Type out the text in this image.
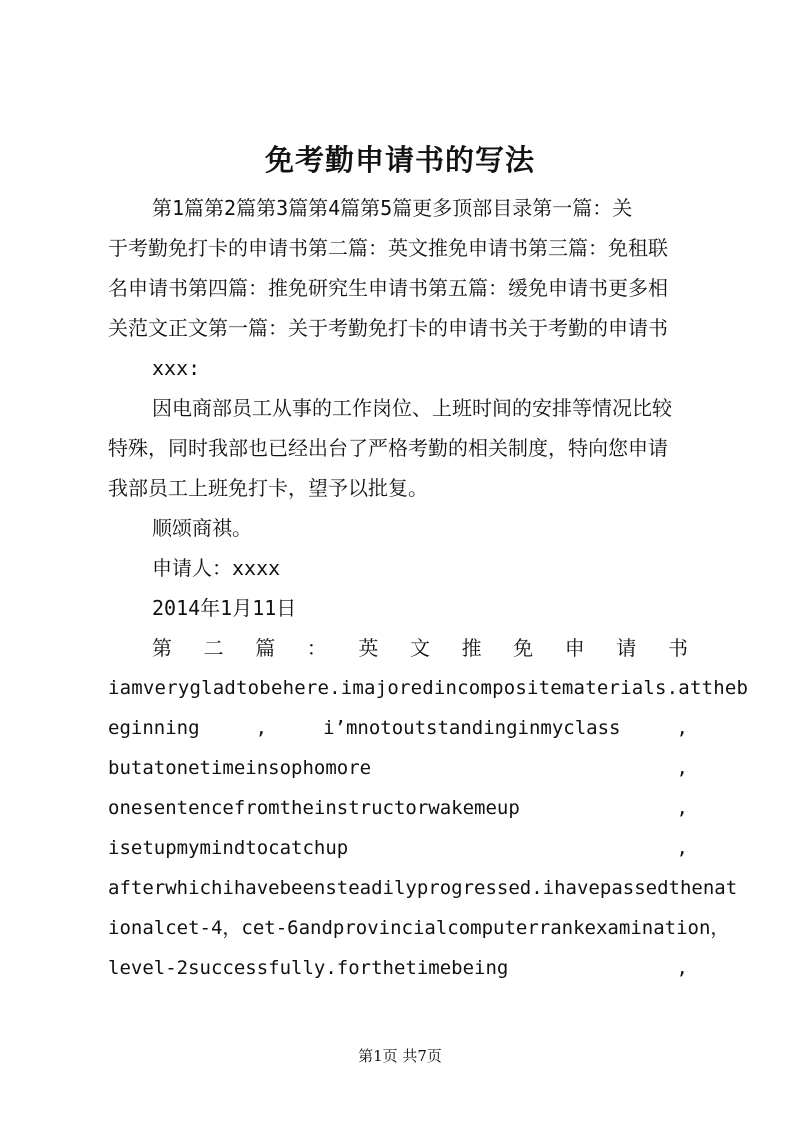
免考勤申请书的写法
第1篇第2篇第3篇第4篇第5篇更多顶部目录第一篇：关
于考勤免打卡的申请书第二篇：英文推免申请书第三篇：免租联
名申请书第四篇：推免研究生申请书第五篇：缓免申请书更多相
关范文正文第一篇：关于考勤免打卡的申请书关于考勤的申请书
xxx:
因电商部员工从事的工作岗位、上班时间的安排等情况比较
特殊，同时我部也已经出台了严格考勤的相关制度，特向您申请
我部员工上班免打卡，望予以批复。
顺颂商祺。
申请人：xxxx
2014年1月11日
第 二 篇 ： 英 文 推 免 申 请 书
iamverygladtobehere.imajoredincompositematerials.attheb
eginning	,	i’mnotoutstandinginmyclass	,
butatonetimeinsophomore	,
onesentencefromtheinstructorwakemeup	,
isetupmymindtocatchup	,
afterwhichihavebeensteadilyprogressed.ihavepassedthenat
ionalcet-4，cet-6andprovincialcomputerrankexamination，
level-2successfully.forthetimebeing	,
第1页 共7页
